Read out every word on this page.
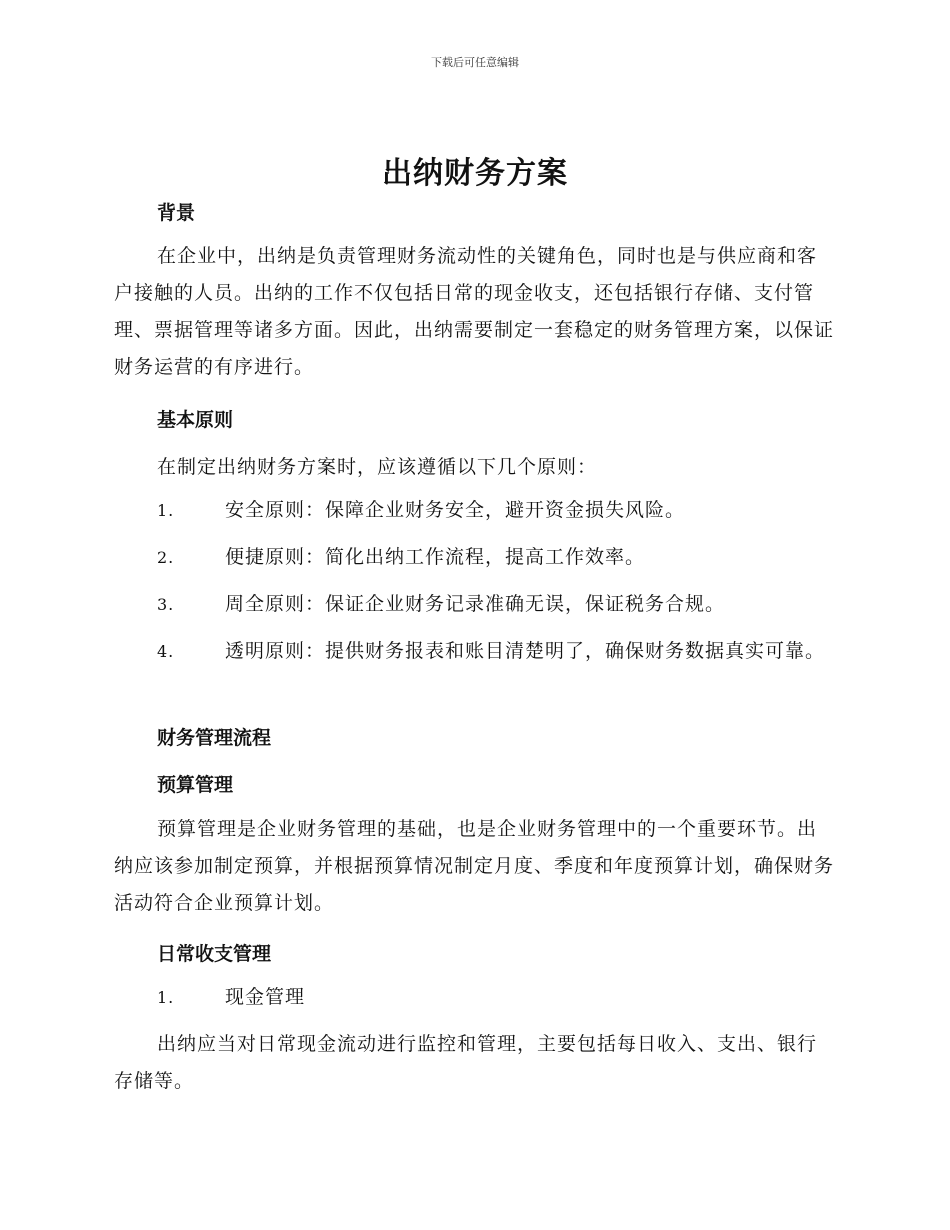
下载后可任意编辑
出纳财务方案
背景
在企业中，出纳是负责管理财务流动性的关键角色，同时也是与供应商和客户接触的人员。出纳的工作不仅包括日常的现金收支，还包括银行存储、支付管理、票据管理等诸多方面。因此，出纳需要制定一套稳定的财务管理方案，以保证财务运营的有序进行。
基本原则
在制定出纳财务方案时，应该遵循以下几个原则：
1.	安全原则：保障企业财务安全，避开资金损失风险。
2.	便捷原则：简化出纳工作流程，提高工作效率。
3.	周全原则：保证企业财务记录准确无误，保证税务合规。
4.	透明原则：提供财务报表和账目清楚明了，确保财务数据真实可靠。
财务管理流程
预算管理
预算管理是企业财务管理的基础，也是企业财务管理中的一个重要环节。出纳应该参加制定预算，并根据预算情况制定月度、季度和年度预算计划，确保财务活动符合企业预算计划。
日常收支管理
1.	现金管理
出纳应当对日常现金流动进行监控和管理，主要包括每日收入、支出、银行存储等。
